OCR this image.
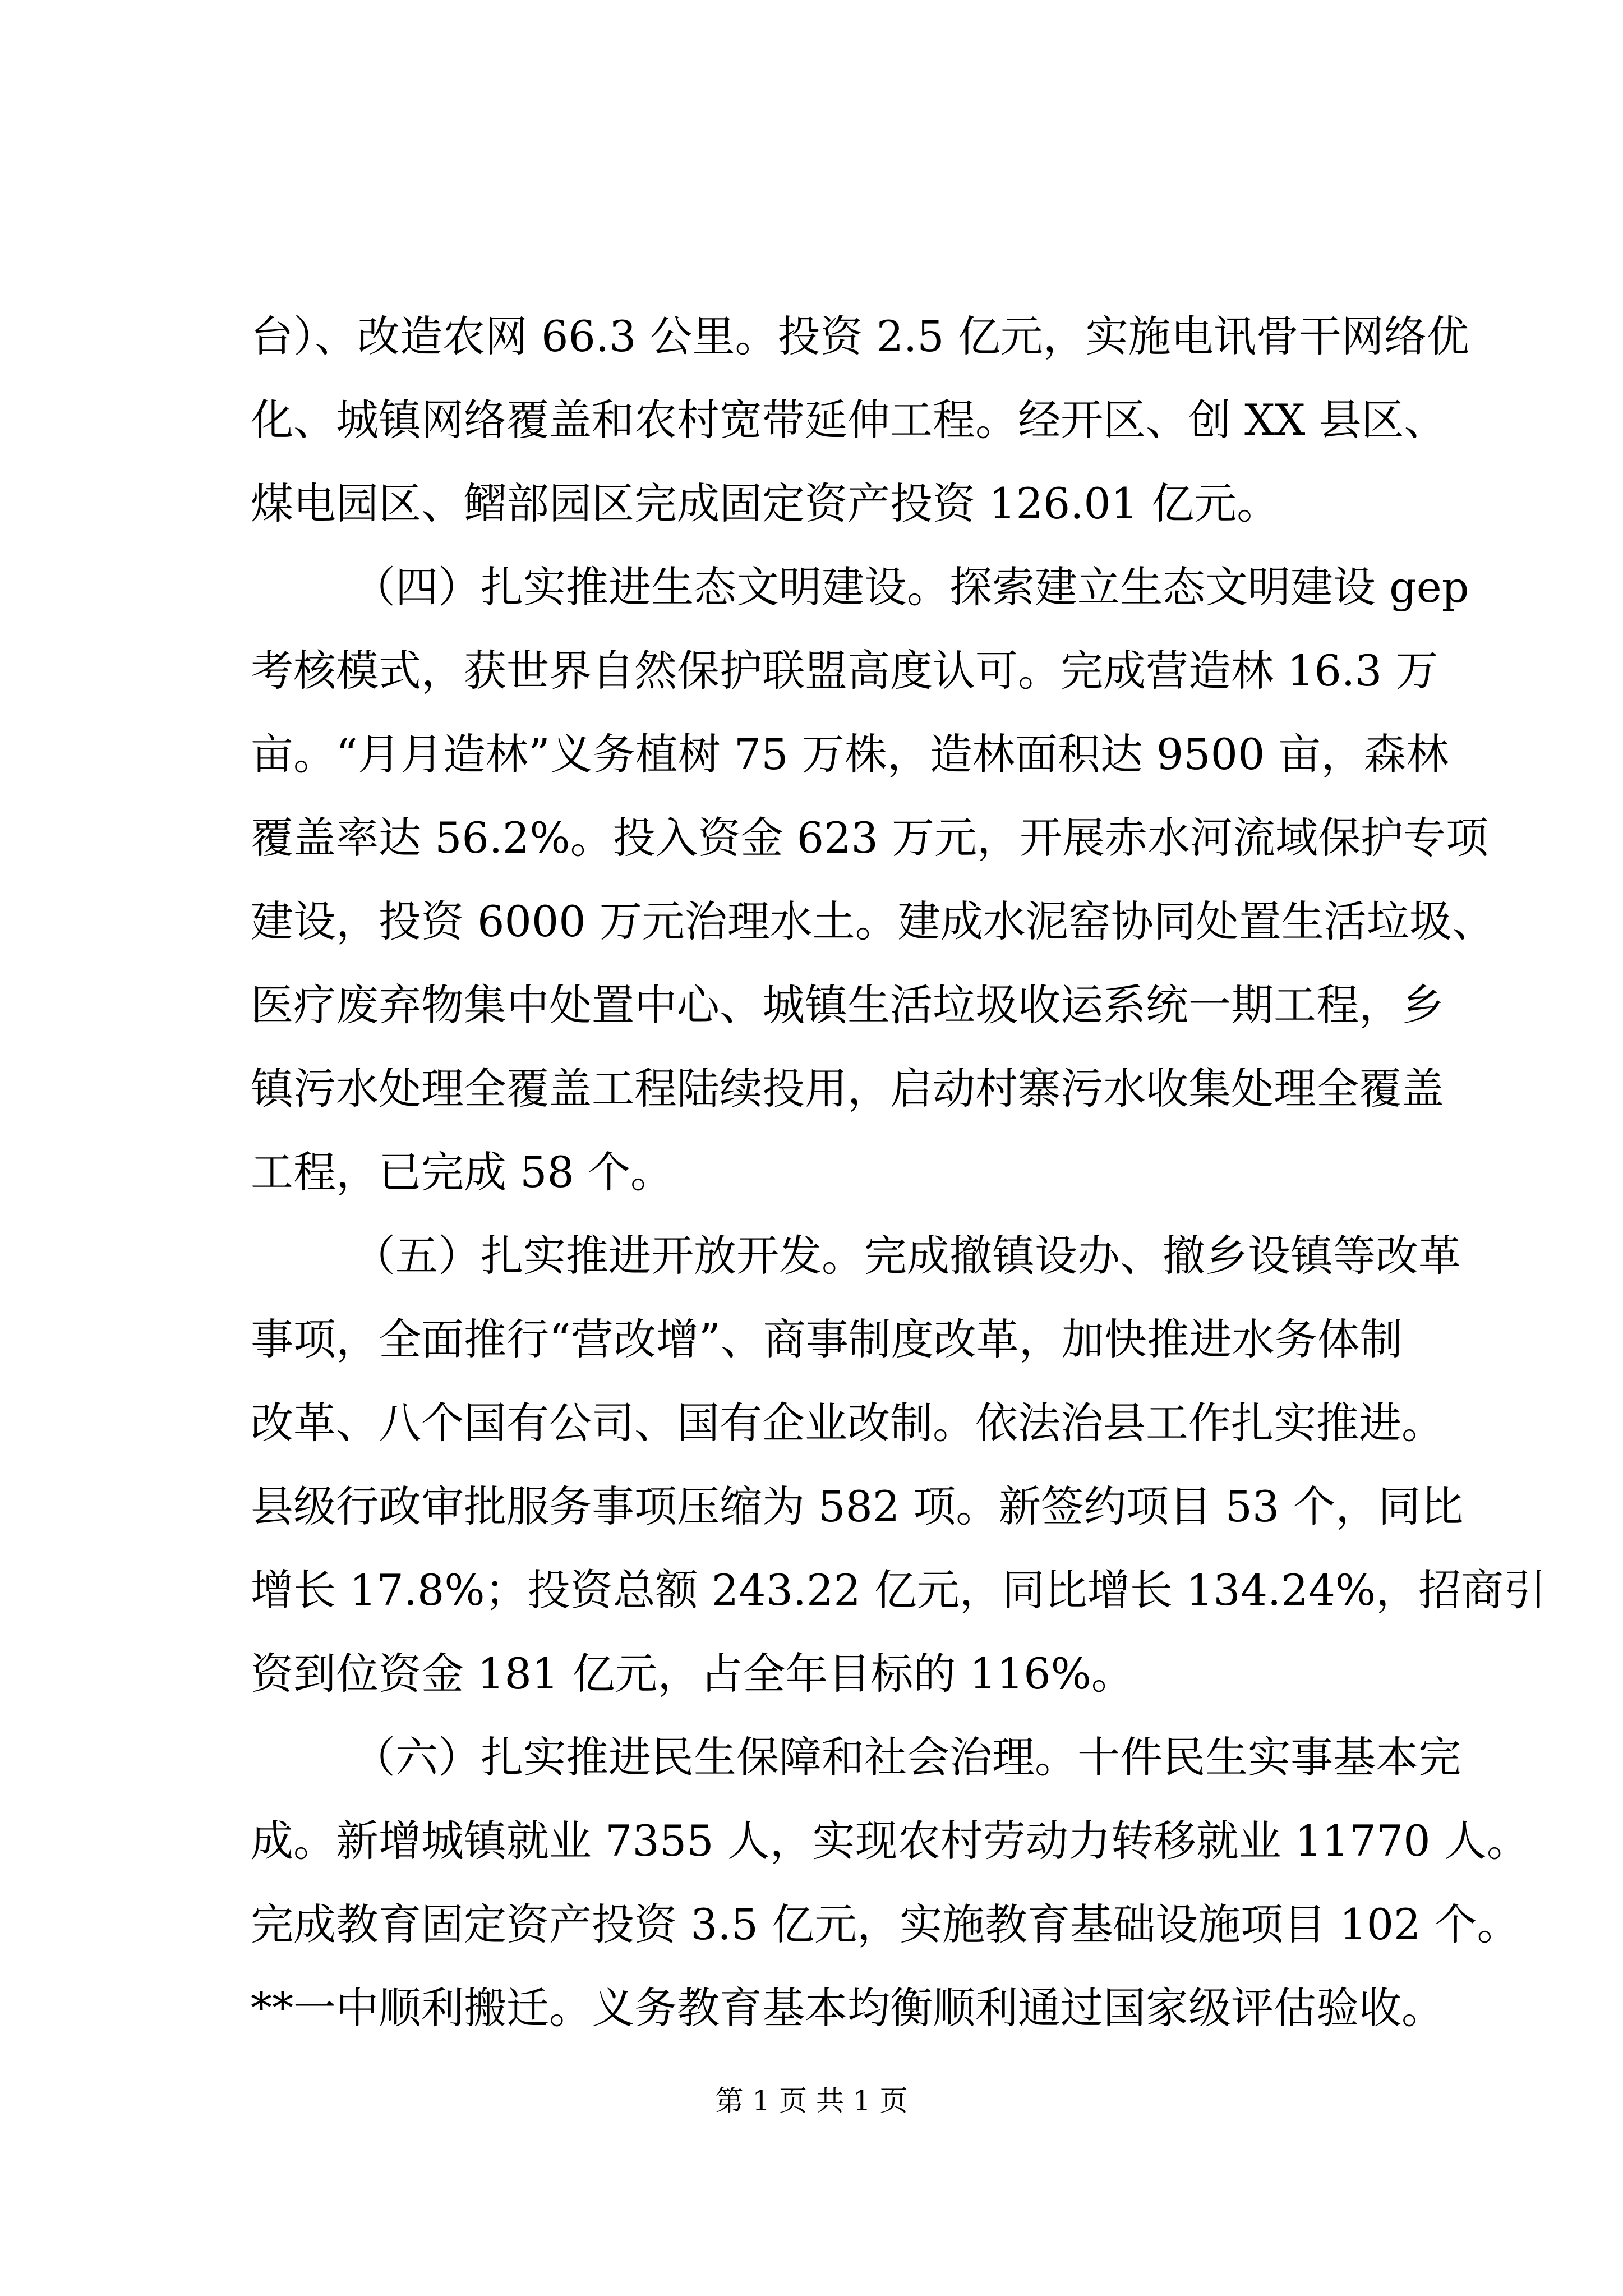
台）、改造农网 66.3 公里。投资 2.5 亿元，实施电讯骨干网络优
化、城镇网络覆盖和农村宽带延伸工程。经开区、创 XX 县区、
煤电园区、鳛部园区完成固定资产投资 126.01 亿元。
（四）扎实推进生态文明建设。探索建立生态文明建设 gep
考核模式，获世界自然保护联盟高度认可。完成营造林 16.3 万
亩。“月月造林”义务植树 75 万株，造林面积达 9500 亩，森林
覆盖率达 56.2%。投入资金 623 万元，开展赤水河流域保护专项
建设，投资 6000 万元治理水土。建成水泥窑协同处置生活垃圾、
医疗废弃物集中处置中心、城镇生活垃圾收运系统一期工程，乡
镇污水处理全覆盖工程陆续投用，启动村寨污水收集处理全覆盖
工程，已完成 58 个。
（五）扎实推进开放开发。完成撤镇设办、撤乡设镇等改革
事项，全面推行“营改增”、商事制度改革，加快推进水务体制
改革、八个国有公司、国有企业改制。依法治县工作扎实推进。
县级行政审批服务事项压缩为 582 项。新签约项目 53 个，同比
增长 17.8%；投资总额 243.22 亿元，同比增长 134.24%，招商引
资到位资金 181 亿元，占全年目标的 116%。
（六）扎实推进民生保障和社会治理。十件民生实事基本完
成。新增城镇就业 7355 人，实现农村劳动力转移就业 11770 人。
完成教育固定资产投资 3.5 亿元，实施教育基础设施项目 102 个。
**一中顺利搬迁。义务教育基本均衡顺利通过国家级评估验收。
第 1 页 共 1 页
